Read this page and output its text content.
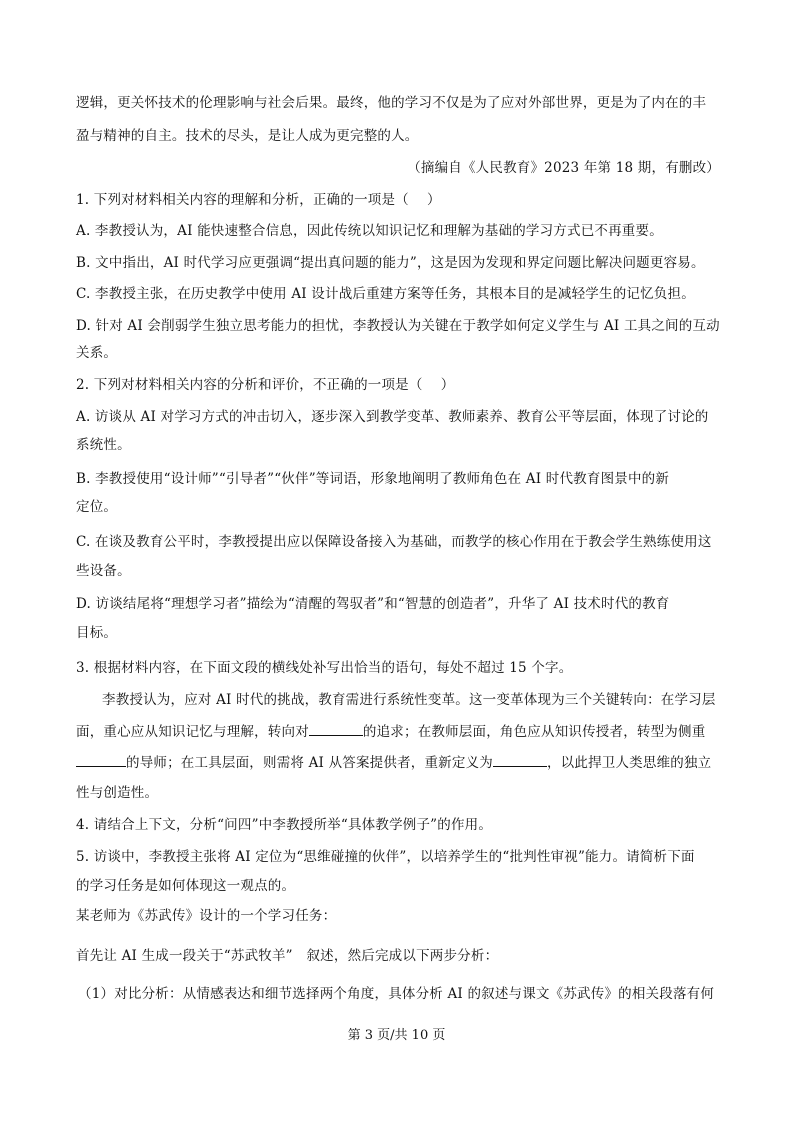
逻辑，更关怀技术的伦理影响与社会后果。最终，他的学习不仅是为了应对外部世界，更是为了内在的丰
盈与精神的自主。技术的尽头，是让人成为更完整的人。
（摘编自《人民教育》2023 年第 18 期，有删改）
1. 下列对材料相关内容的理解和分析，正确的一项是（　 ）
A. 李教授认为，AI 能快速整合信息，因此传统以知识记忆和理解为基础的学习方式已不再重要。
B. 文中指出，AI 时代学习应更强调“提出真问题的能力”，这是因为发现和界定问题比解决问题更容易。
C. 李教授主张，在历史教学中使用 AI 设计战后重建方案等任务，其根本目的是减轻学生的记忆负担。
D. 针对 AI 会削弱学生独立思考能力的担忧，李教授认为关键在于教学如何定义学生与 AI 工具之间的互动
关系。
2. 下列对材料相关内容的分析和评价，不正确的一项是（　 ）
A. 访谈从 AI 对学习方式的冲击切入，逐步深入到教学变革、教师素养、教育公平等层面，体现了讨论的
系统性。
B. 李教授使用“设计师”“引导者”“伙伴”等词语，形象地阐明了教师角色在 AI 时代教育图景中的新
定位。
C. 在谈及教育公平时，李教授提出应以保障设备接入为基础，而教学的核心作用在于教会学生熟练使用这
些设备。
D. 访谈结尾将“理想学习者”描绘为“清醒的驾驭者”和“智慧的创造者”，升华了 AI 技术时代的教育
目标。
3. 根据材料内容，在下面文段的横线处补写出恰当的语句，每处不超过 15 个字。
李教授认为，应对 AI 时代的挑战，教育需进行系统性变革。这一变革体现为三个关键转向：在学习层
面，重心应从知识记忆与理解，转向对	的追求；在教师层面，角色应从知识传授者，转型为侧重
的导师；在工具层面，则需将 AI 从答案提供者，重新定义为	，以此捍卫人类思维的独立
性与创造性。
4. 请结合上下文，分析“问四”中李教授所举“具体教学例子”的作用。
5. 访谈中，李教授主张将 AI 定位为“思维碰撞的伙伴”，以培养学生的“批判性审视”能力。请简析下面
的学习任务是如何体现这一观点的。
某老师为《苏武传》设计的一个学习任务：
首先让 AI 生成一段关于“苏武牧羊”　叙述，然后完成以下两步分析：
（1）对比分析：从情感表达和细节选择两个角度，具体分析 AI 的叙述与课文《苏武传》的相关段落有何
第 3 页/共 10 页
